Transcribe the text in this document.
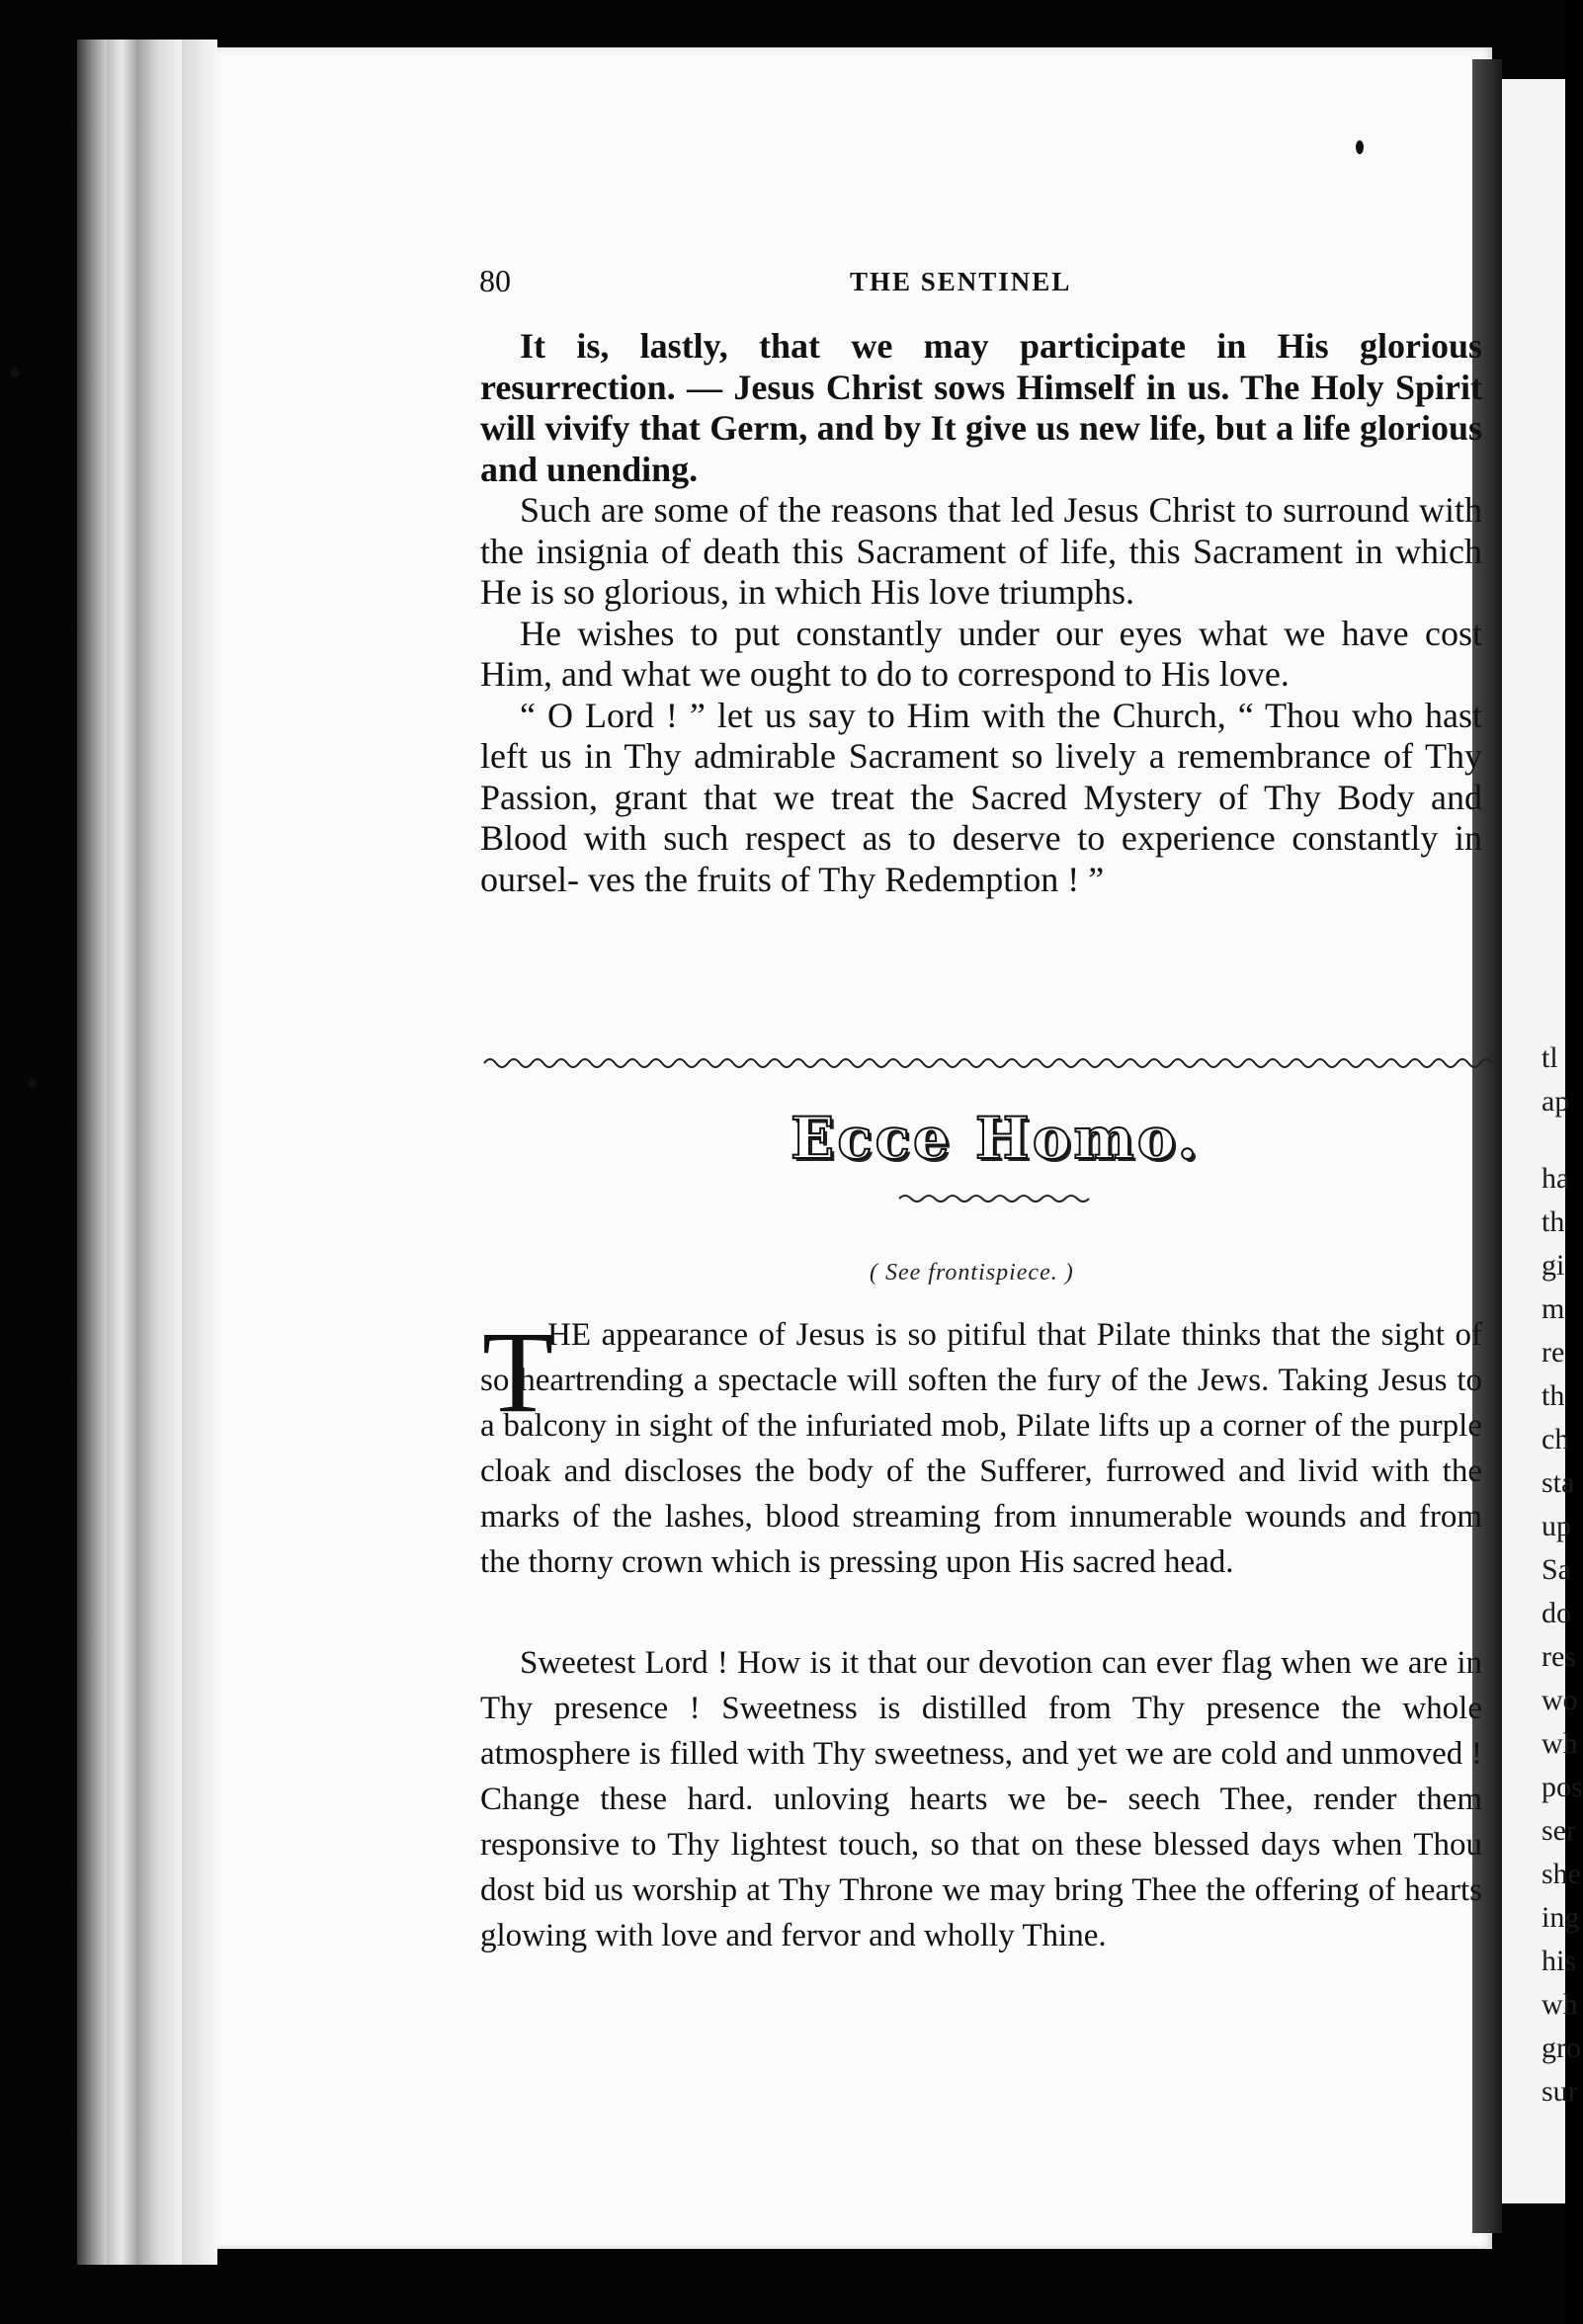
tl
ap
ha
th
gi
m
re
th
ch
sta
up
Sa
do
res
wo
wh
pos
ser
she
ing
his
wh
gro
sur
80	THE SENTINEL

It is, lastly, that we may participate in His glorious resurrection. — Jesus Christ sows Himself in us. The Holy Spirit will vivify that Germ, and by It give us new life, but a life glorious and unending.

Such are some of the reasons that led Jesus Christ to surround with the insignia of death this Sacrament of life, this Sacrament in which He is so glorious, in which His love triumphs.

He wishes to put constantly under our eyes what we have cost Him, and what we ought to do to correspond to His love.

“ O Lord ! ” let us say to Him with the Church, “ Thou who hast left us in Thy admirable Sacrament so lively a remembrance of Thy Passion, grant that we treat the Sacred Mystery of Thy Body and Blood with such respect as to deserve to experience constantly in oursel- ves the fruits of Thy Redemption ! ”

Ecce Homo.
( See frontispiece. )
T

HE appearance of Jesus is so pitiful that Pilate thinks that the sight of so heartrending a spectacle will soften the fury of the Jews. Taking Jesus to a balcony in sight of the infuriated mob, Pilate lifts up a corner of the purple cloak and discloses the body of the Sufferer, furrowed and livid with the marks of the lashes, blood streaming from innumerable wounds and from the thorny crown which is pressing upon His sacred head.

Sweetest Lord ! How is it that our devotion can ever flag when we are in Thy presence ! Sweetness is distilled from Thy presence the whole atmosphere is filled with Thy sweetness, and yet we are cold and unmoved ! Change these hard. unloving hearts we be- seech Thee, render them responsive to Thy lightest touch, so that on these blessed days when Thou dost bid us worship at Thy Throne we may bring Thee the offering of hearts glowing with love and fervor and wholly Thine.
